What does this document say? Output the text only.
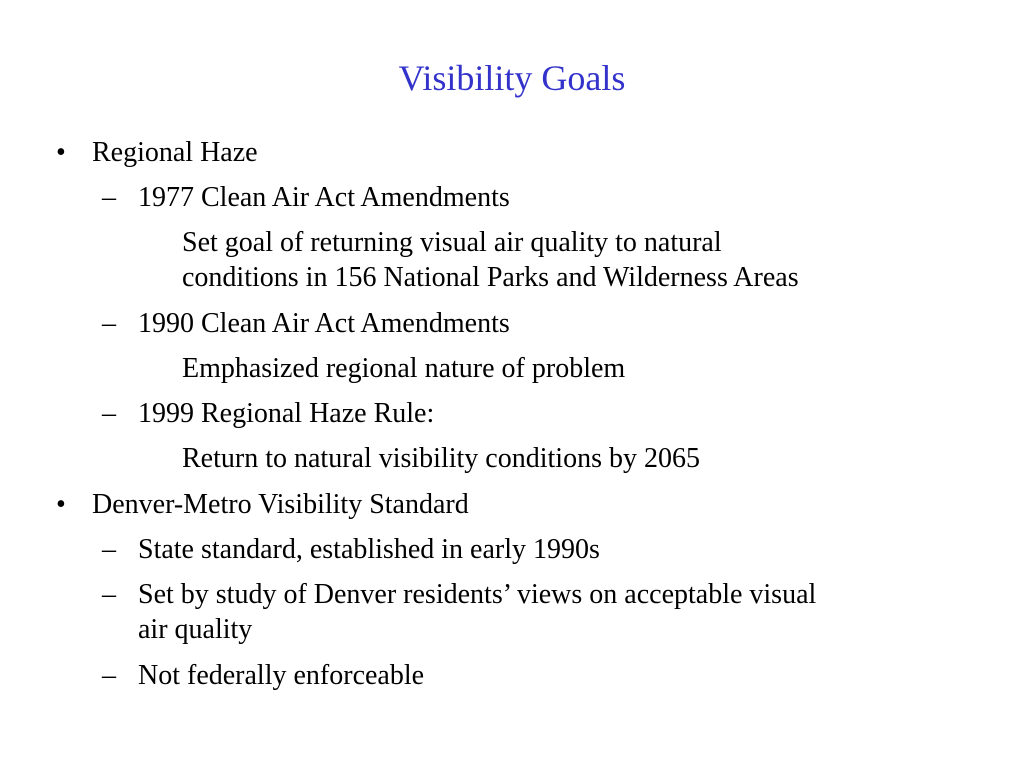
Visibility Goals
• Regional Haze
– 1977 Clean Air Act Amendments
Set goal of returning visual air quality to natural
conditions in 156 National Parks and Wilderness Areas
– 1990 Clean Air Act Amendments
Emphasized regional nature of problem
– 1999 Regional Haze Rule:
Return to natural visibility conditions by 2065
• Denver-Metro Visibility Standard
– State standard, established in early 1990s
– Set by study of Denver residents’ views on acceptable visual
air quality
– Not federally enforceable
